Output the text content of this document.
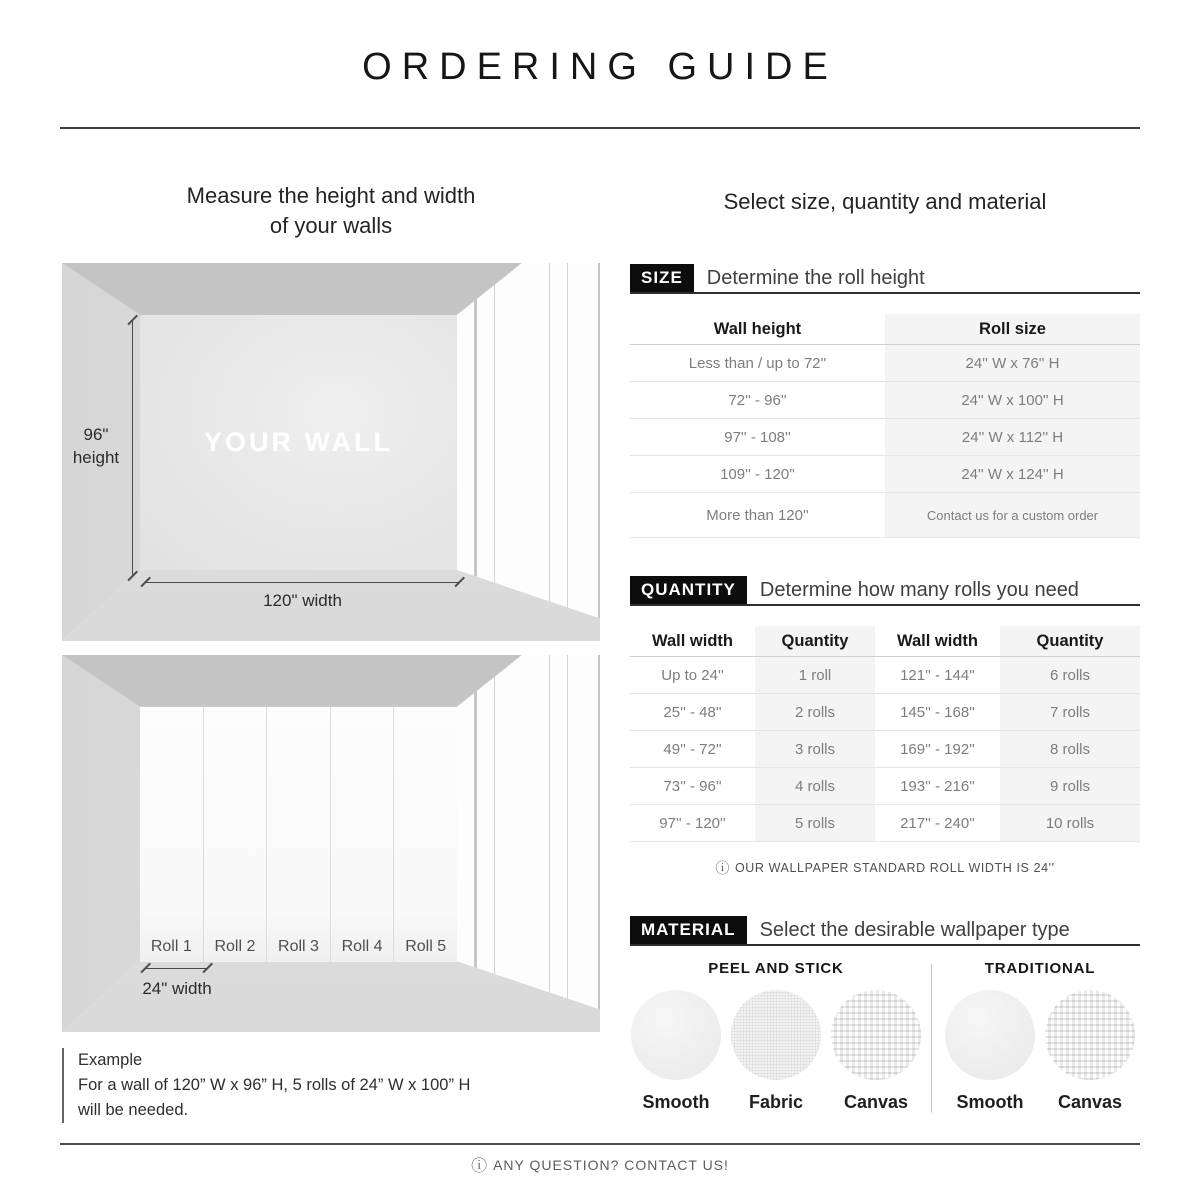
ORDERING GUIDE
Measure the height and width
of your walls
Select size, quantity and material
YOUR WALL
96"
height
120" width
Roll 1	Roll 2	Roll 3	Roll 4	Roll 5
24" width
Example
For a wall of 120” W x 96” H, 5 rolls of 24” W x 100” H
will be needed.
SIZE	Determine the roll height
Wall height	Roll size
Less than / up to 72''	24'' W x 76'' H
72'' - 96''	24'' W x 100'' H
97'' - 108''	24'' W x 112'' H
109'' - 120''	24'' W x 124'' H
More than 120''	Contact us for a custom order
QUANTITY	Determine how many rolls you need
Wall width	Quantity	Wall width	Quantity
Up to 24''	1 roll	121'' - 144''	6 rolls
25'' - 48''	2 rolls	145'' - 168''	7 rolls
49'' - 72''	3 rolls	169'' - 192''	8 rolls
73'' - 96''	4 rolls	193'' - 216''	9 rolls
97'' - 120''	5 rolls	217'' - 240''	10 rolls
ⓘ OUR WALLPAPER STANDARD ROLL WIDTH IS 24''
MATERIAL	Select the desirable wallpaper type
PEEL AND STICK
Smooth Fabric Canvas
TRADITIONAL
Smooth Canvas
ⓘ ANY QUESTION? CONTACT US!
